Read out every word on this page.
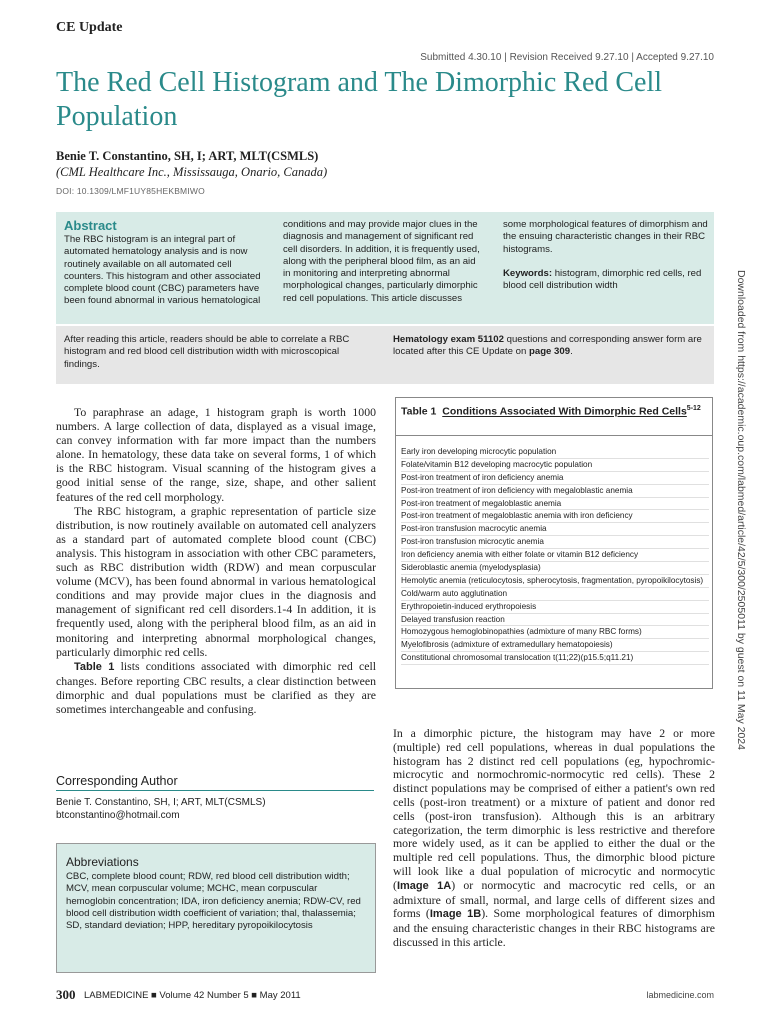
CE Update
Submitted 4.30.10 | Revision Received 9.27.10 | Accepted 9.27.10
The Red Cell Histogram and The Dimorphic Red Cell Population
Benie T. Constantino, SH, I; ART, MLT(CSMLS)
(CML Healthcare Inc., Mississauga, Onario, Canada)
DOI: 10.1309/LMF1UY85HEKBMIWO
Abstract
The RBC histogram is an integral part of automated hematology analysis and is now routinely available on all automated cell counters. This histogram and other associated complete blood count (CBC) parameters have been found abnormal in various hematological
conditions and may provide major clues in the diagnosis and management of significant red cell disorders. In addition, it is frequently used, along with the peripheral blood film, as an aid in monitoring and interpreting abnormal morphological changes, particularly dimorphic red cell populations. This article discusses
some morphological features of dimorphism and the ensuing characteristic changes in their RBC histograms.
Keywords: histogram, dimorphic red cells, red blood cell distribution width
After reading this article, readers should be able to correlate a RBC histogram and red blood cell distribution width with microscopical findings.
Hematology exam 51102 questions and corresponding answer form are located after this CE Update on page 309.

To paraphrase an adage, 1 histogram graph is worth 1000 numbers. A large collection of data, displayed as a visual image, can convey information with far more impact than the numbers alone. In hematology, these data take on several forms, 1 of which is the RBC histogram. Visual scanning of the histogram gives a good initial sense of the range, size, shape, and other salient features of the red cell morphology.

The RBC histogram, a graphic representation of particle size distribution, is now routinely available on automated cell analyzers as a standard part of automated complete blood count (CBC) analysis. This histogram in association with other CBC parameters, such as RBC distribution width (RDW) and mean corpuscular volume (MCV), has been found abnormal in various hematological conditions and may provide major clues in the diagnosis and management of significant red cell disorders.1-4 In addition, it is frequently used, along with the peripheral blood film, as an aid in monitoring and interpreting abnormal morphological changes, particularly dimorphic red cells.

Table 1 lists conditions associated with dimorphic red cell changes. Before reporting CBC results, a clear distinction between dimorphic and dual populations must be clarified as they are sometimes interchangeable and confusing.

Corresponding Author
Benie T. Constantino, SH, I; ART, MLT(CSMLS)
btconstantino@hotmail.com
Abbreviations
CBC, complete blood count; RDW, red blood cell distribution width; MCV, mean corpuscular volume; MCHC, mean corpuscular hemoglobin concentration; IDA, iron deficiency anemia; RDW-CV, red blood cell distribution width coefficient of variation; thal, thalassemia; SD, standard deviation; HPP, hereditary pyropoikilocytosis
Table 1 Conditions Associated With Dimorphic Red Cells$^{5-12}$
Early iron developing microcytic population
Folate/vitamin B12 developing macrocytic population
Post-iron treatment of iron deficiency anemia
Post-iron treatment of iron deficiency with megaloblastic anemia
Post-iron treatment of megaloblastic anemia
Post-iron treatment of megaloblastic anemia with iron deficiency
Post-iron transfusion macrocytic anemia
Post-iron transfusion microcytic anemia
Iron deficiency anemia with either folate or vitamin B12 deficiency
Sideroblastic anemia (myelodysplasia)
Hemolytic anemia (reticulocytosis, spherocytosis, fragmentation, pyropoikilocytosis)
Cold/warm auto agglutination
Erythropoietin-induced erythropoiesis
Delayed transfusion reaction
Homozygous hemoglobinopathies (admixture of many RBC forms)
Myelofibrosis (admixture of extramedullary hematopoiesis)
Constitutional chromosomal translocation t(11;22)(p15.5;q11.21)

In a dimorphic picture, the histogram may have 2 or more (multiple) red cell populations, whereas in dual populations the histogram has 2 distinct red cell populations (eg, hypochromic-microcytic and normochromic-normocytic red cells). These 2 distinct populations may be comprised of either a patient's own red cells (post-iron treatment) or a mixture of patient and donor red cells (post-iron transfusion). Although this is an arbitrary categorization, the term dimorphic is less restrictive and therefore more widely used, as it can be applied to either the dual or the multiple red cell populations. Thus, the dimorphic blood picture will look like a dual population of microcytic and normocytic (Image 1A) or normocytic and macrocytic red cells, or an admixture of small, normal, and large cells of different sizes and forms (Image 1B). Some morphological features of dimorphism and the ensuing characteristic changes in their RBC histograms are discussed in this article.

Downloaded from https://academic.oup.com/labmed/article/42/5/300/2505011 by guest on 11 May 2024
300 LABMEDICINE ■ Volume 42 Number 5 ■ May 2011	labmedicine.com
